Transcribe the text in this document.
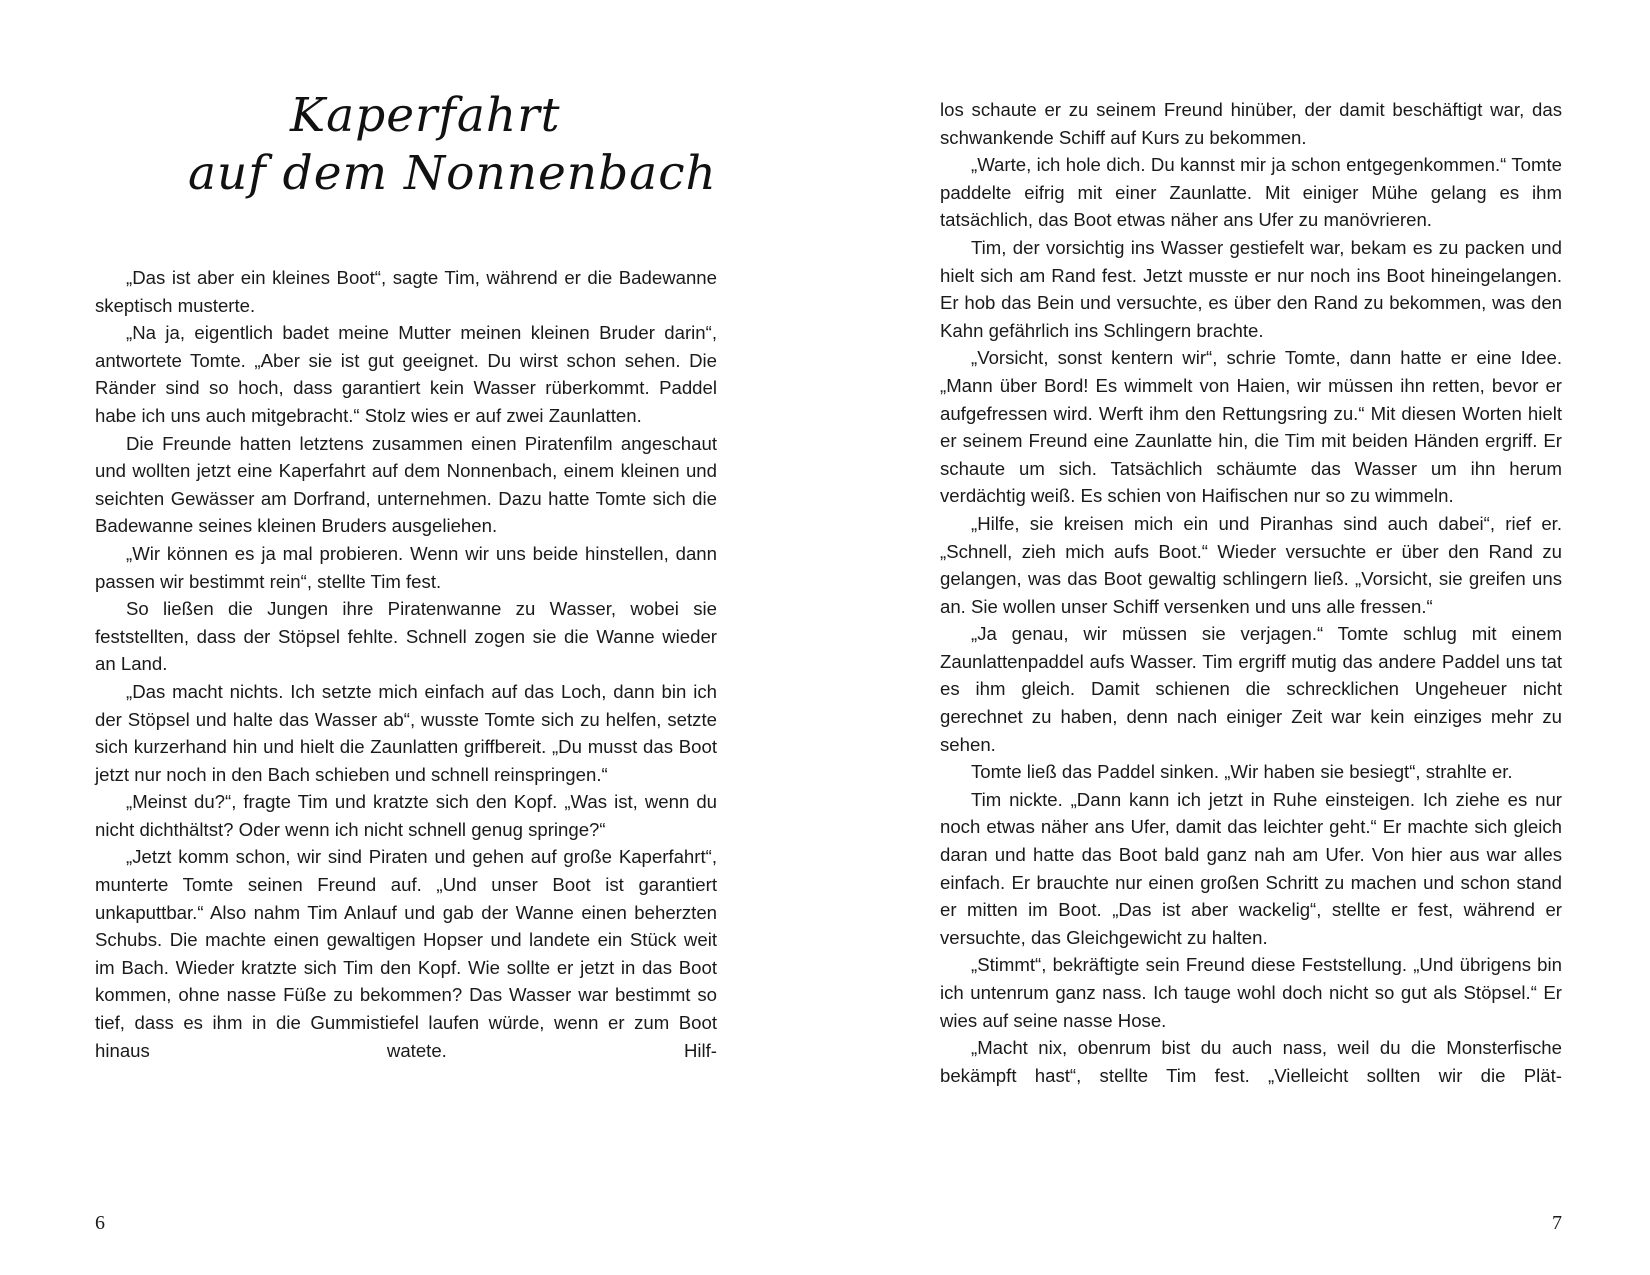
Kaperfahrt
auf dem Nonnenbach

„Das ist aber ein kleines Boot“, sagte Tim, während er die Badewanne skeptisch musterte.

„Na ja, eigentlich badet meine Mutter meinen kleinen Bruder darin“, antwortete Tomte. „Aber sie ist gut geeignet. Du wirst schon sehen. Die Ränder sind so hoch, dass garantiert kein Wasser rüberkommt. Paddel habe ich uns auch mitgebracht.“ Stolz wies er auf zwei Zaunlatten.

Die Freunde hatten letztens zusammen einen Piratenfilm angeschaut und wollten jetzt eine Kaperfahrt auf dem Nonnenbach, einem kleinen und seichten Gewässer am Dorfrand, unternehmen. Dazu hatte Tomte sich die Badewanne seines kleinen Bruders ausgeliehen.

„Wir können es ja mal probieren. Wenn wir uns beide hinstellen, dann passen wir bestimmt rein“, stellte Tim fest.

So ließen die Jungen ihre Piratenwanne zu Wasser, wobei sie feststellten, dass der Stöpsel fehlte. Schnell zogen sie die Wanne wieder an Land.

„Das macht nichts. Ich setzte mich einfach auf das Loch, dann bin ich der Stöpsel und halte das Wasser ab“, wusste Tomte sich zu helfen, setzte sich kurzerhand hin und hielt die Zaunlatten griffbereit. „Du musst das Boot jetzt nur noch in den Bach schieben und schnell reinspringen.“

„Meinst du?“, fragte Tim und kratzte sich den Kopf. „Was ist, wenn du nicht dichthältst? Oder wenn ich nicht schnell genug springe?“

„Jetzt komm schon, wir sind Piraten und gehen auf große Kaperfahrt“, munterte Tomte seinen Freund auf. „Und unser Boot ist garantiert unkaputtbar.“ Also nahm Tim Anlauf und gab der Wanne einen beherzten Schubs. Die machte einen gewaltigen Hopser und landete ein Stück weit im Bach. Wieder kratzte sich Tim den Kopf. Wie sollte er jetzt in das Boot kommen, ohne nasse Füße zu bekommen? Das Wasser war bestimmt so tief, dass es ihm in die Gummistiefel laufen würde, wenn er zum Boot hinaus watete. Hilf-

6

los schaute er zu seinem Freund hinüber, der damit beschäftigt war, das schwankende Schiff auf Kurs zu bekommen.

„Warte, ich hole dich. Du kannst mir ja schon entgegenkommen.“ Tomte paddelte eifrig mit einer Zaunlatte. Mit einiger Mühe gelang es ihm tatsächlich, das Boot etwas näher ans Ufer zu manövrieren.

Tim, der vorsichtig ins Wasser gestiefelt war, bekam es zu packen und hielt sich am Rand fest. Jetzt musste er nur noch ins Boot hineingelangen. Er hob das Bein und versuchte, es über den Rand zu bekommen, was den Kahn gefährlich ins Schlingern brachte.

„Vorsicht, sonst kentern wir“, schrie Tomte, dann hatte er eine Idee. „Mann über Bord! Es wimmelt von Haien, wir müssen ihn retten, bevor er aufgefressen wird. Werft ihm den Rettungsring zu.“ Mit diesen Worten hielt er seinem Freund eine Zaunlatte hin, die Tim mit beiden Händen ergriff. Er schaute um sich. Tatsächlich schäumte das Wasser um ihn herum verdächtig weiß. Es schien von Haifischen nur so zu wimmeln.

„Hilfe, sie kreisen mich ein und Piranhas sind auch dabei“, rief er. „Schnell, zieh mich aufs Boot.“ Wieder versuchte er über den Rand zu gelangen, was das Boot gewaltig schlingern ließ. „Vorsicht, sie greifen uns an. Sie wollen unser Schiff versenken und uns alle fressen.“

„Ja genau, wir müssen sie verjagen.“ Tomte schlug mit einem Zaunlattenpaddel aufs Wasser. Tim ergriff mutig das andere Paddel uns tat es ihm gleich. Damit schienen die schrecklichen Ungeheuer nicht gerechnet zu haben, denn nach einiger Zeit war kein einziges mehr zu sehen.

Tomte ließ das Paddel sinken. „Wir haben sie besiegt“, strahlte er.

Tim nickte. „Dann kann ich jetzt in Ruhe einsteigen. Ich ziehe es nur noch etwas näher ans Ufer, damit das leichter geht.“ Er machte sich gleich daran und hatte das Boot bald ganz nah am Ufer. Von hier aus war alles einfach. Er brauchte nur einen großen Schritt zu machen und schon stand er mitten im Boot. „Das ist aber wackelig“, stellte er fest, während er versuchte, das Gleichgewicht zu halten.

„Stimmt“, bekräftigte sein Freund diese Feststellung. „Und übrigens bin ich untenrum ganz nass. Ich tauge wohl doch nicht so gut als Stöpsel.“ Er wies auf seine nasse Hose.

„Macht nix, obenrum bist du auch nass, weil du die Monsterfische bekämpft hast“, stellte Tim fest. „Vielleicht sollten wir die Plät-

7
